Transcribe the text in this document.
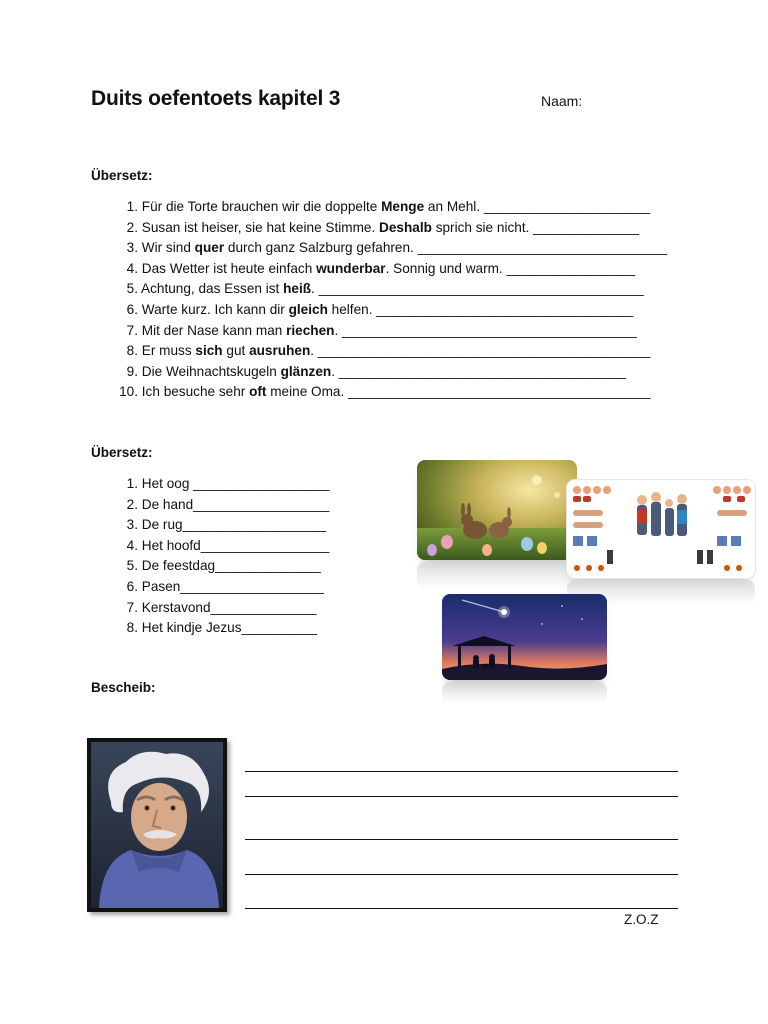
Duits oefentoets kapitel 3	Naam:
Übersetz:
1. Für die Torte brauchen wir die doppelte Menge an Mehl. ______________________
2. Susan ist heiser, sie hat keine Stimme. Deshalb sprich sie nicht. ______________
3. Wir sind quer durch ganz Salzburg gefahren. _________________________________
4. Das Wetter ist heute einfach wunderbar. Sonnig und warm. _________________
5. Achtung, das Essen ist heiß. ___________________________________________
6. Warte kurz. Ich kann dir gleich helfen. __________________________________
7. Mit der Nase kann man riechen. _______________________________________
8. Er muss sich gut ausruhen. ____________________________________________
9. Die Weihnachtskugeln glänzen. ______________________________________
10. Ich besuche sehr oft meine Oma. ________________________________________
Übersetz:
1. Het oog __________________
2. De hand__________________
3. De rug___________________
4. Het hoofd_________________
5. De feestdag______________
6. Pasen___________________
7. Kerstavond______________
8. Het kindje Jezus__________
Bescheib:
Z.O.Z
